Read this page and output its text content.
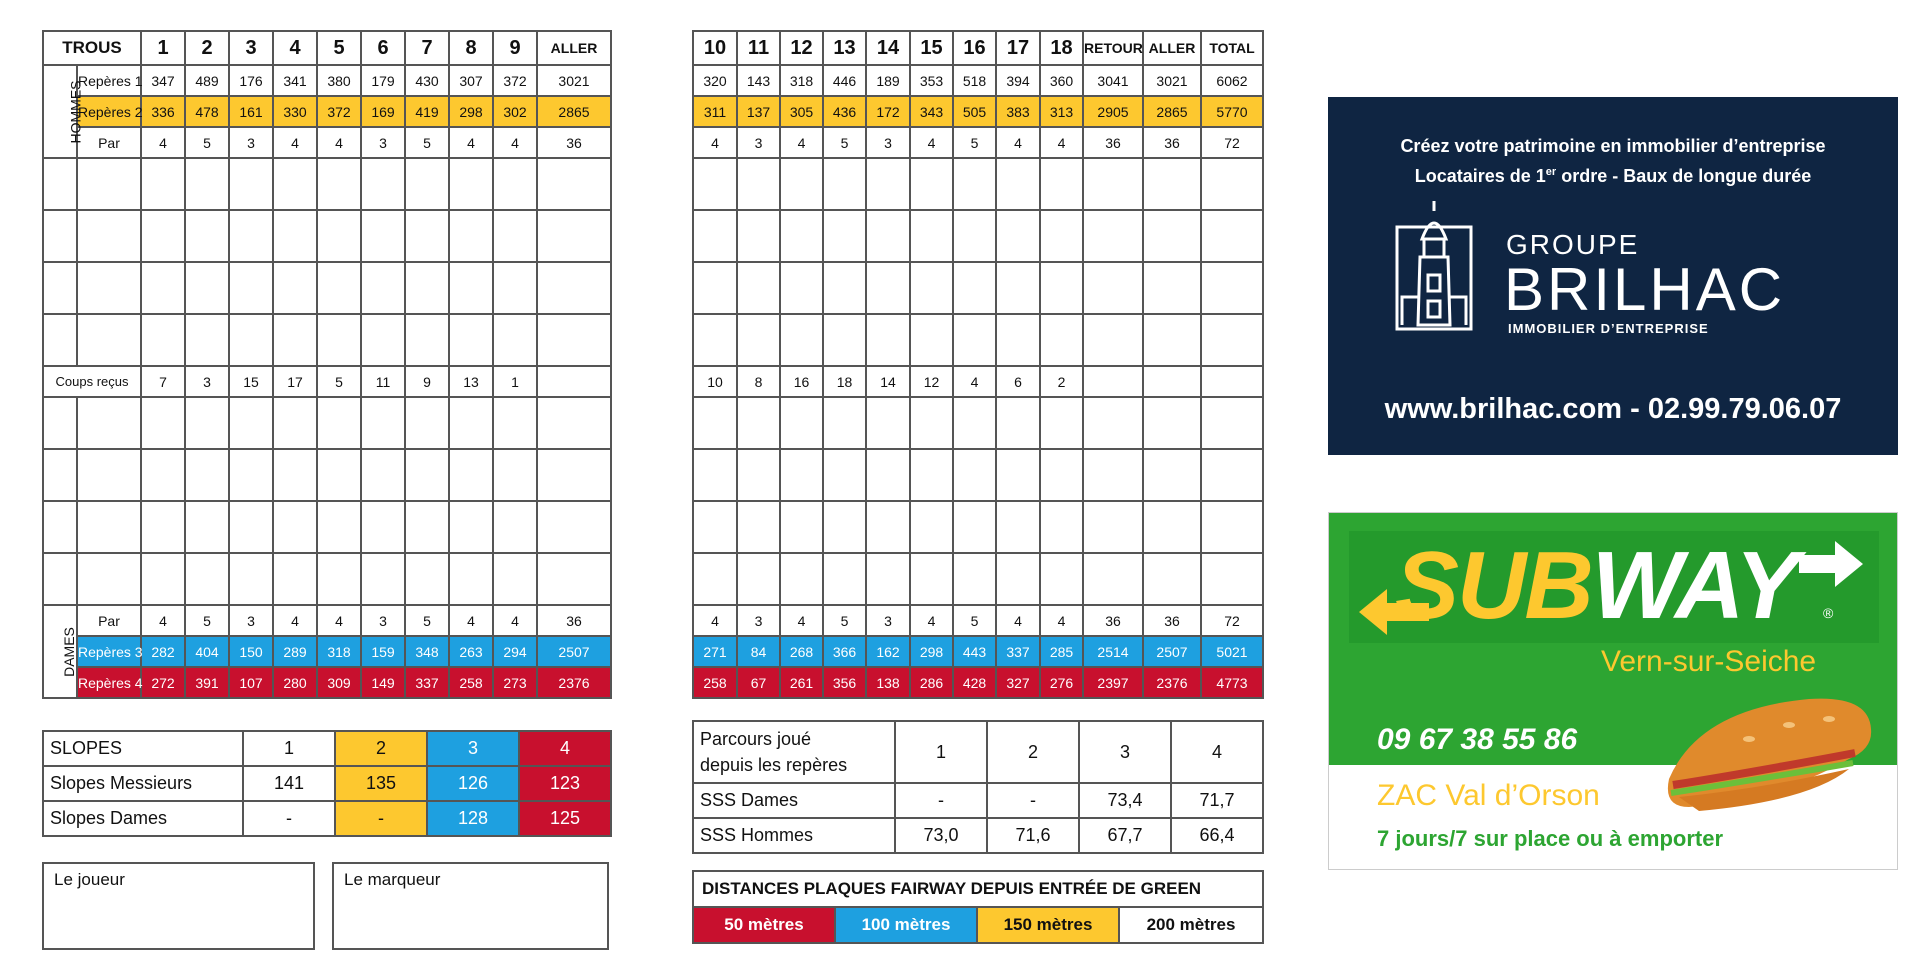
TROUS		1	2	3	4	5	6	7	8	9	ALLER
HOMMES	Repères 1	347	489	176	341	380	179	430	307	372	3021
	Repères 2	336	478	161	330	372	169	419	298	302	2865
	Par	4	5	3	4	4	3	5	4	4	36

Coups reçus		7	3	15	17	5	11	9	13	1	

DAMES	Par	4	5	3	4	4	3	5	4	4	36
	Repères 3	282	404	150	289	318	159	348	263	294	2507
	Repères 4	272	391	107	280	309	149	337	258	273	2376
10	11	12	13	14	15	16	17	18	RETOUR	ALLER	TOTAL
320	143	318	446	189	353	518	394	360	3041	3021	6062
311	137	305	436	172	343	505	383	313	2905	2865	5770
4	3	4	5	3	4	5	4	4	36	36	72

10	8	16	18	14	12	4	6	2			

4	3	4	5	3	4	5	4	4	36	36	72
271	84	268	366	162	298	443	337	285	2514	2507	5021
258	67	261	356	138	286	428	327	276	2397	2376	4773
SLOPES	1	2	3	4
Slopes Messieurs	141	135	126	123
Slopes Dames	-	-	128	125
Parcours joué
depuis les repères	1	2	3	4
SSS Dames	-	-	73,4	71,7
SSS Hommes	73,0	71,6	67,7	66,4
Le joueur	Le marqueur	DISTANCES PLAQUES FAIRWAY DEPUIS ENTRÉE DE GREEN
50 mètres	100 mètres	150 mètres	200 mètres
Créez votre patrimoine en immobilier d’entreprise
Locataires de 1er ordre - Baux de longue durée
GROUPE
BRILHAC
IMMOBILIER D’ENTREPRISE
www.brilhac.com - 02.99.79.06.07
SUBWAY ®
Vern-sur-Seiche
09 67 38 55 86
ZAC Val d’Orson
7 jours/7 sur place ou à emporter
